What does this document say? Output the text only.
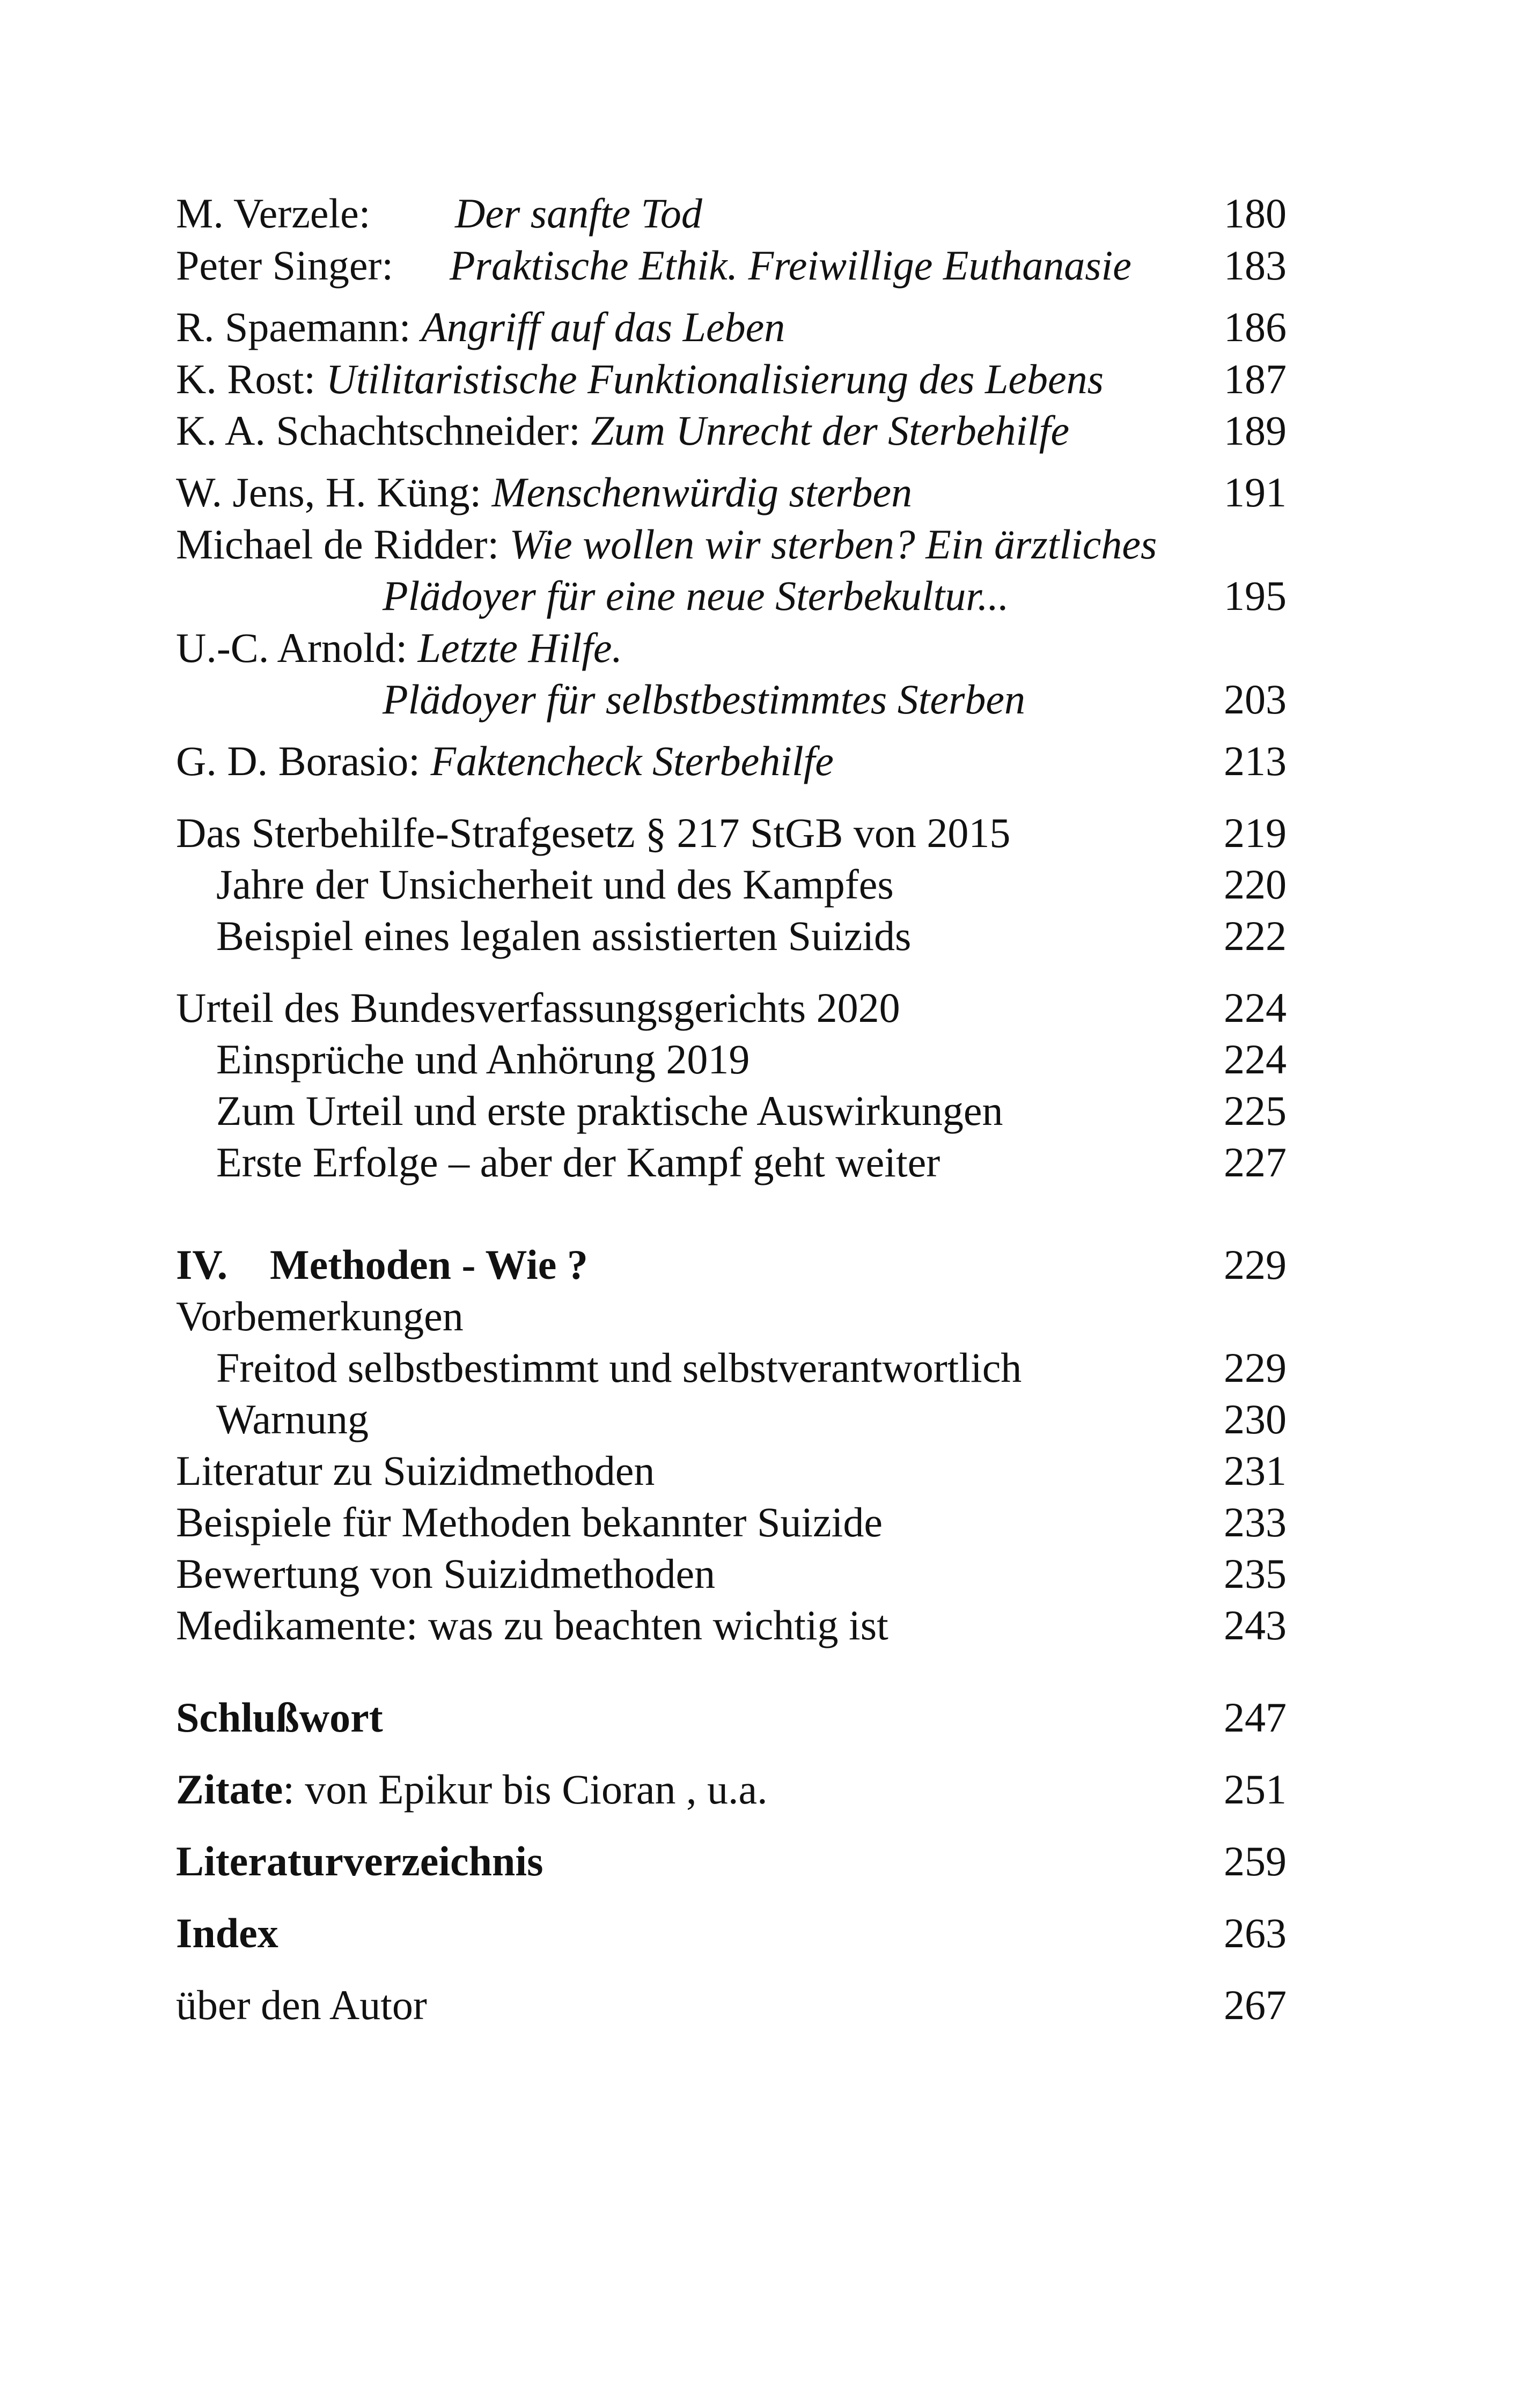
M. Verzele: Der sanfte Tod	180
Peter Singer: Praktische Ethik. Freiwillige Euthanasie 183
R. Spaemann: Angriff auf das Leben	186
K. Rost: Utilitaristische Funktionalisierung des Lebens	187
K. A. Schachtschneider: Zum Unrecht der Sterbehilfe	189
W. Jens, H. Küng: Menschenwürdig sterben	191
Michael de Ridder: Wie wollen wir sterben? Ein ärztliches
Plädoyer für eine neue Sterbekultur...	195
U.-C. Arnold: Letzte Hilfe.
Plädoyer für selbstbestimmtes Sterben	203
G. D. Borasio: Faktencheck Sterbehilfe	213
Das Sterbehilfe-Strafgesetz § 217 StGB von 2015	219
Jahre der Unsicherheit und des Kampfes	220
Beispiel eines legalen assistierten Suizids	222
Urteil des Bundesverfassungsgerichts 2020	224
Einsprüche und Anhörung 2019	224
Zum Urteil und erste praktische Auswirkungen	225
Erste Erfolge – aber der Kampf geht weiter	227
IV. Methoden - Wie ?	229
Vorbemerkungen
Freitod selbstbestimmt und selbstverantwortlich	229
Warnung	230
Literatur zu Suizidmethoden	231
Beispiele für Methoden bekannter Suizide	233
Bewertung von Suizidmethoden	235
Medikamente: was zu beachten wichtig ist	243
Schlußwort	247
Zitate: von Epikur bis Cioran , u.a.	251
Literaturverzeichnis	259
Index	263
über den Autor	267
